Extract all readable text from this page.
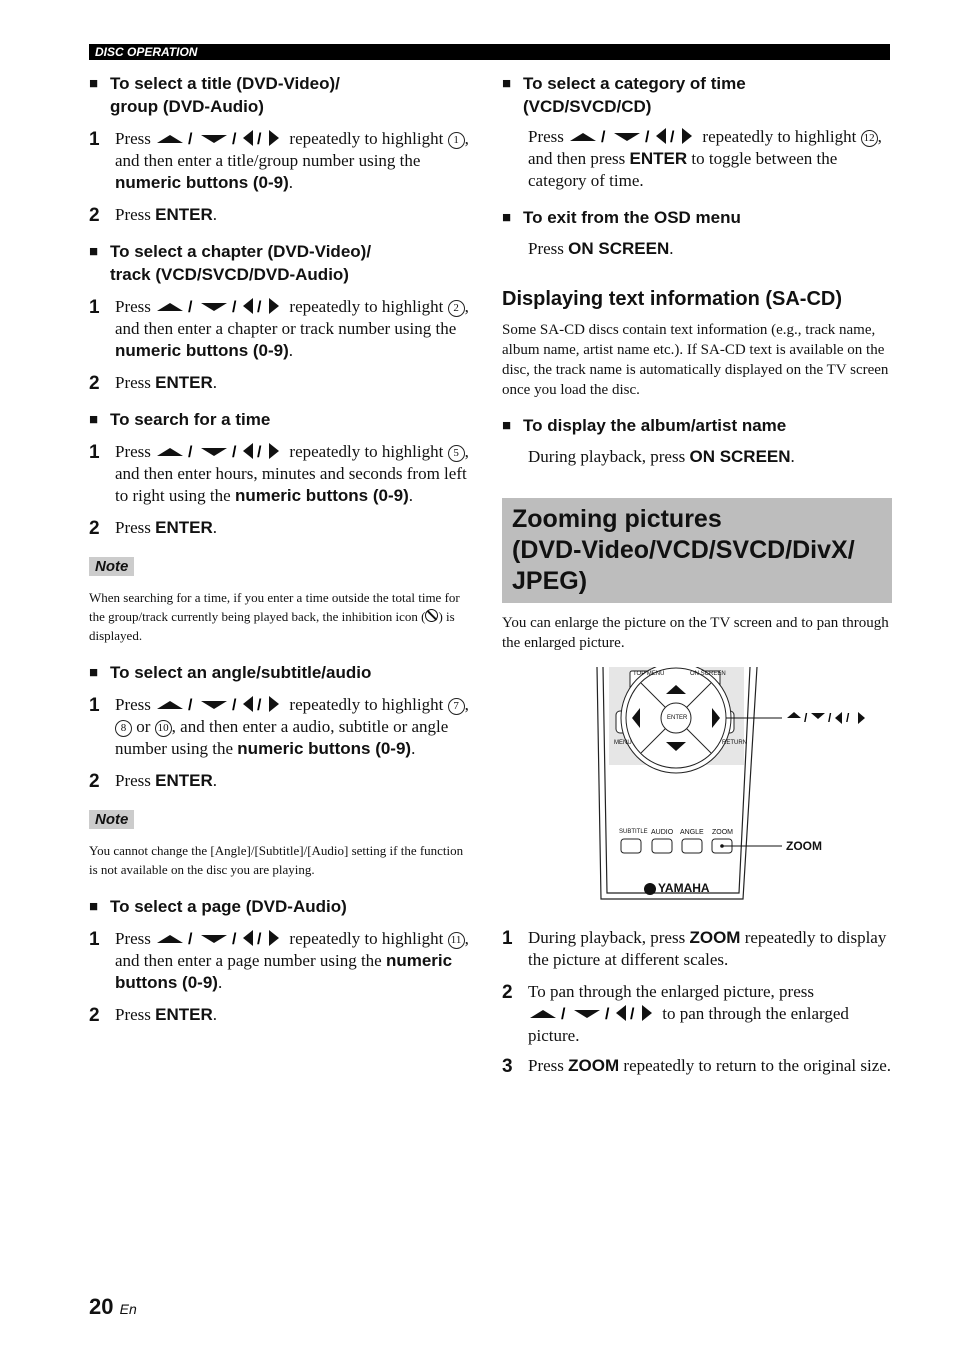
DISC OPERATION
■ To select a title (DVD-Video)/
group (DVD-Audio)
1 Press / / / repeatedly to highlight 1 , and then enter a title/group number using the numeric buttons (0-9).
2 Press ENTER.
■ To select a chapter (DVD-Video)/
track (VCD/SVCD/DVD-Audio)
1 Press / / / repeatedly to highlight 2 , and then enter a chapter or track number using the numeric buttons (0-9).
2 Press ENTER.
■ To search for a time
1 Press / / / repeatedly to highlight 5 , and then enter hours, minutes and seconds from left to right using the numeric buttons (0-9).
2 Press ENTER.
Note
When searching for a time, if you enter a time outside the total time for the group/track currently being played back, the inhibition icon ( ) is displayed.
■ To select an angle/subtitle/audio
1 Press / / / repeatedly to highlight 7 , 8 or 10 , and then enter a audio, subtitle or angle number using the numeric buttons (0-9).
2 Press ENTER.
Note
You cannot change the [Angle]/[Subtitle]/[Audio] setting if the function is not available on the disc you are playing.
■ To select a page (DVD-Audio)
1 Press / / / repeatedly to highlight 11 , and then enter a page number using the numeric buttons (0-9).
2 Press ENTER.
■ To select a category of time
(VCD/SVCD/CD)
Press / / / repeatedly to highlight 12 , and then press ENTER to toggle between the category of time.
■ To exit from the OSD menu
Press ON SCREEN.
Displaying text information (SA-CD)
Some SA-CD discs contain text information (e.g., track name, album name, artist name etc.). If SA-CD text is available on the disc, the track name is automatically displayed on the TV screen once you load the disc.
■ To display the album/artist name
During playback, press ON SCREEN.
Zooming pictures
(DVD-Video/VCD/SVCD/DivX/
JPEG)
You can enlarge the picture on the TV screen and to pan through the enlarged picture.
/ / /
TOP MENU	ON SCREEN
ENTER
MENU	RETURN
SUBTITLE AUDIO ANGLE ZOOM
YAMAHA
ZOOM
1 During playback, press ZOOM repeatedly to display the picture at different scales.
2 To pan through the enlarged picture, press
/ / / to pan through the enlarged picture.
3 Press ZOOM repeatedly to return to the original size.
20 En
